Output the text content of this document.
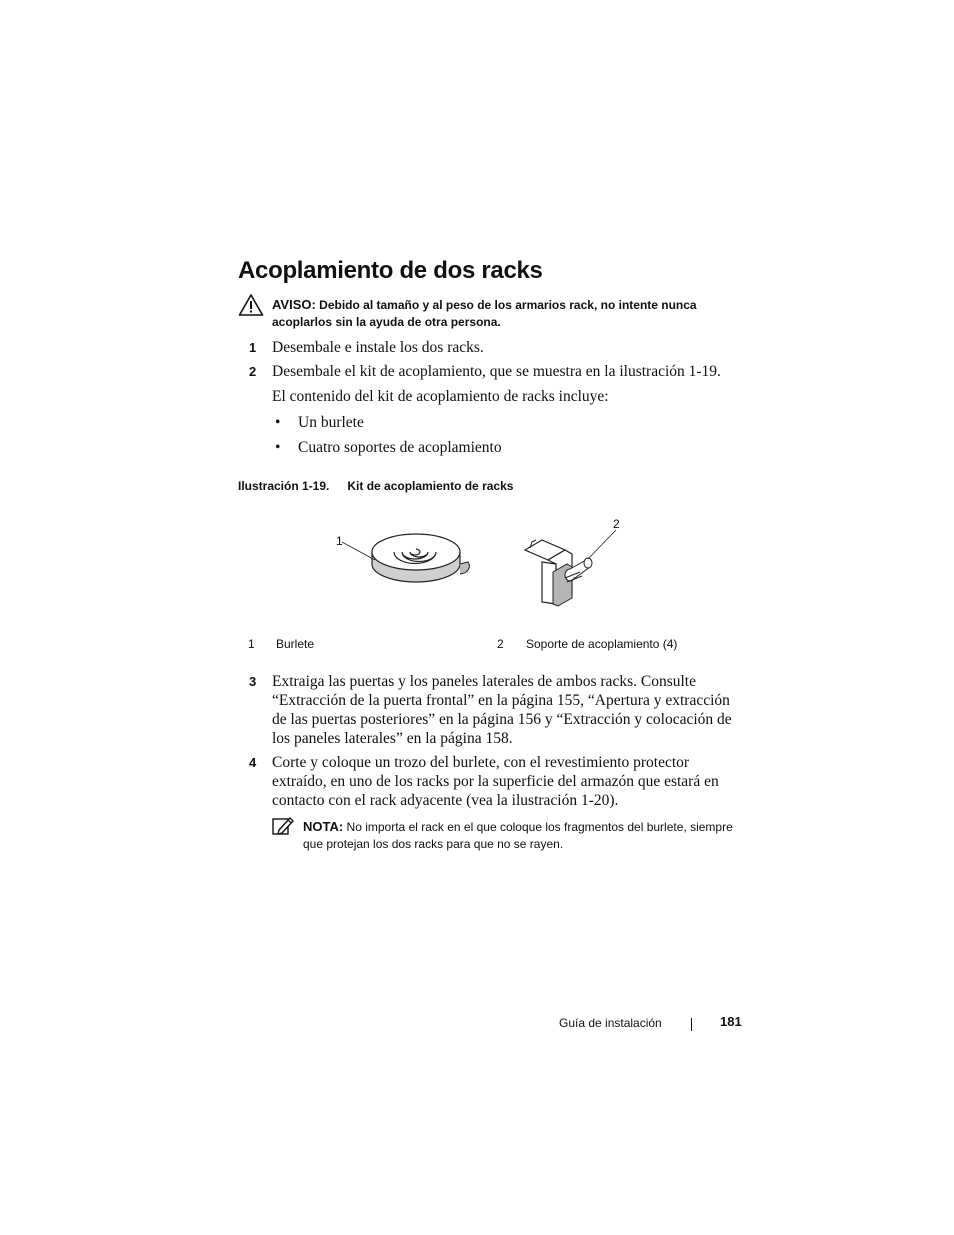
Acoplamiento de dos racks
AVISO: Debido al tamaño y al peso de los armarios rack, no intente nunca acoplarlos sin la ayuda de otra persona.
1 Desembale e instale los dos racks.
2 Desembale el kit de acoplamiento, que se muestra en la ilustración 1-19.
El contenido del kit de acoplamiento de racks incluye:
• Un burlete
• Cuatro soportes de acoplamiento
Ilustración 1-19. Kit de acoplamiento de racks
1
2
1 Burlete	2 Soporte de acoplamiento (4)
3 Extraiga las puertas y los paneles laterales de ambos racks. Consulte “Extracción de la puerta frontal” en la página 155, “Apertura y extracción de las puertas posteriores” en la página 156 y “Extracción y colocación de los paneles laterales” en la página 158.
4 Corte y coloque un trozo del burlete, con el revestimiento protector extraído, en uno de los racks por la superficie del armazón que estará en contacto con el rack adyacente (vea la ilustración 1-20).
NOTA: No importa el rack en el que coloque los fragmentos del burlete, siempre que protejan los dos racks para que no se rayen.
Guía de instalación	181
